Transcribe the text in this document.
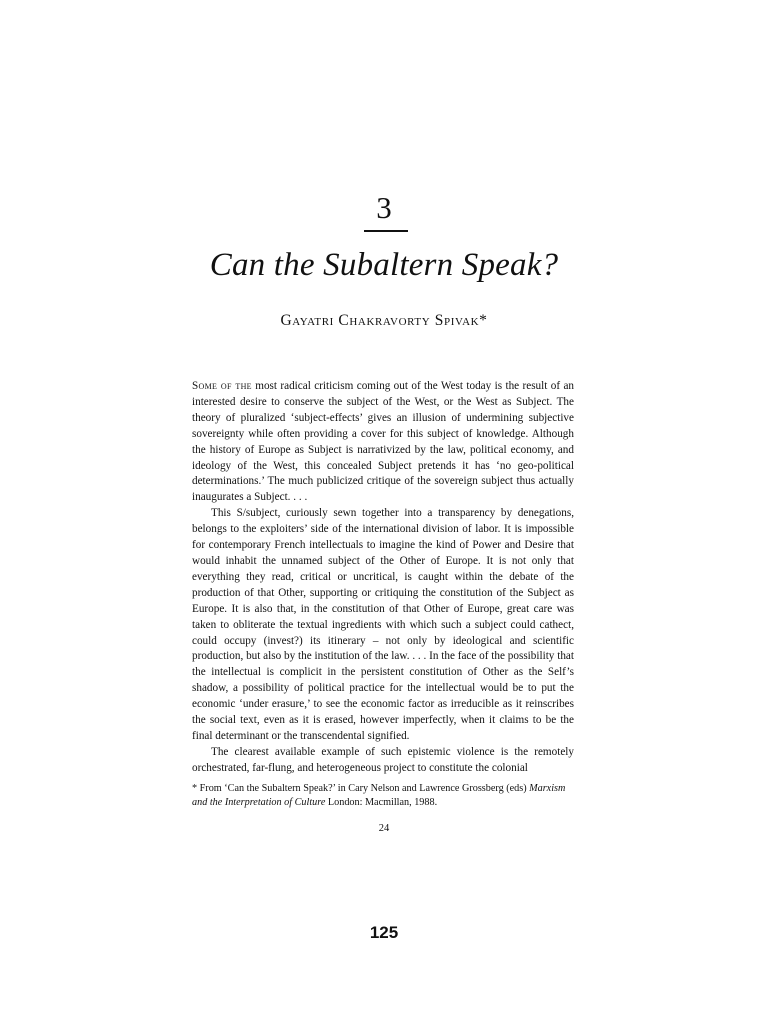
3
Can the Subaltern Speak?
Gayatri Chakravorty Spivak*

Some of the most radical criticism coming out of the West today is the result of an interested desire to conserve the subject of the West, or the West as Subject. The theory of pluralized ‘subject-effects’ gives an illusion of undermining subjective sovereignty while often providing a cover for this subject of knowledge. Although the history of Europe as Subject is narrativized by the law, political economy, and ideology of the West, this concealed Subject pretends it has ‘no geo-political determinations.’ The much publicized critique of the sovereign subject thus actually inaugurates a Subject. . . .

This S/subject, curiously sewn together into a transparency by denegations, belongs to the exploiters’ side of the international division of labor. It is impossible for contemporary French intellectuals to imagine the kind of Power and Desire that would inhabit the unnamed subject of the Other of Europe. It is not only that everything they read, critical or uncritical, is caught within the debate of the production of that Other, supporting or critiquing the constitution of the Subject as Europe. It is also that, in the constitution of that Other of Europe, great care was taken to obliterate the textual ingredients with which such a subject could cathect, could occupy (invest?) its itinerary – not only by ideological and scientific production, but also by the institution of the law. . . . In the face of the possibility that the intellectual is complicit in the persistent constitution of Other as the Self’s shadow, a possibility of political practice for the intellectual would be to put the economic ‘under erasure,’ to see the economic factor as irreducible as it reinscribes the social text, even as it is erased, however imperfectly, when it claims to be the final determinant or the transcendental signified.

The clearest available example of such epistemic violence is the remotely orchestrated, far-flung, and heterogeneous project to constitute the colonial

* From ‘Can the Subaltern Speak?’ in Cary Nelson and Lawrence Grossberg (eds) Marxism and the Interpretation of Culture London: Macmillan, 1988.
24
125
